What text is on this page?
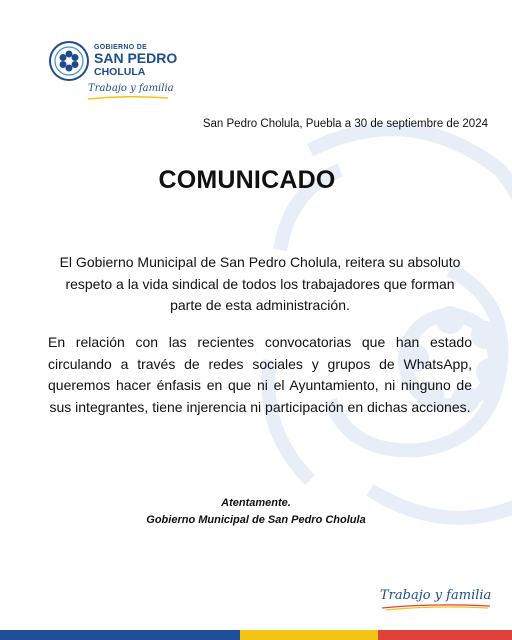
GOBIERNO DE
SAN PEDRO
CHOLULA
Trabajo y familia
San Pedro Cholula, Puebla a 30 de septiembre de 2024
COMUNICADO
El Gobierno Municipal de San Pedro Cholula, reitera su absoluto respeto a la vida sindical de todos los trabajadores que forman parte de esta administración.
En relación con las recientes convocatorias que han estado circulando a través de redes sociales y grupos de WhatsApp, queremos hacer énfasis en que ni el Ayuntamiento, ni ninguno de sus integrantes, tiene injerencia ni participación en dichas acciones.
Atentamente.
Gobierno Municipal de San Pedro Cholula
Trabajo y familia
